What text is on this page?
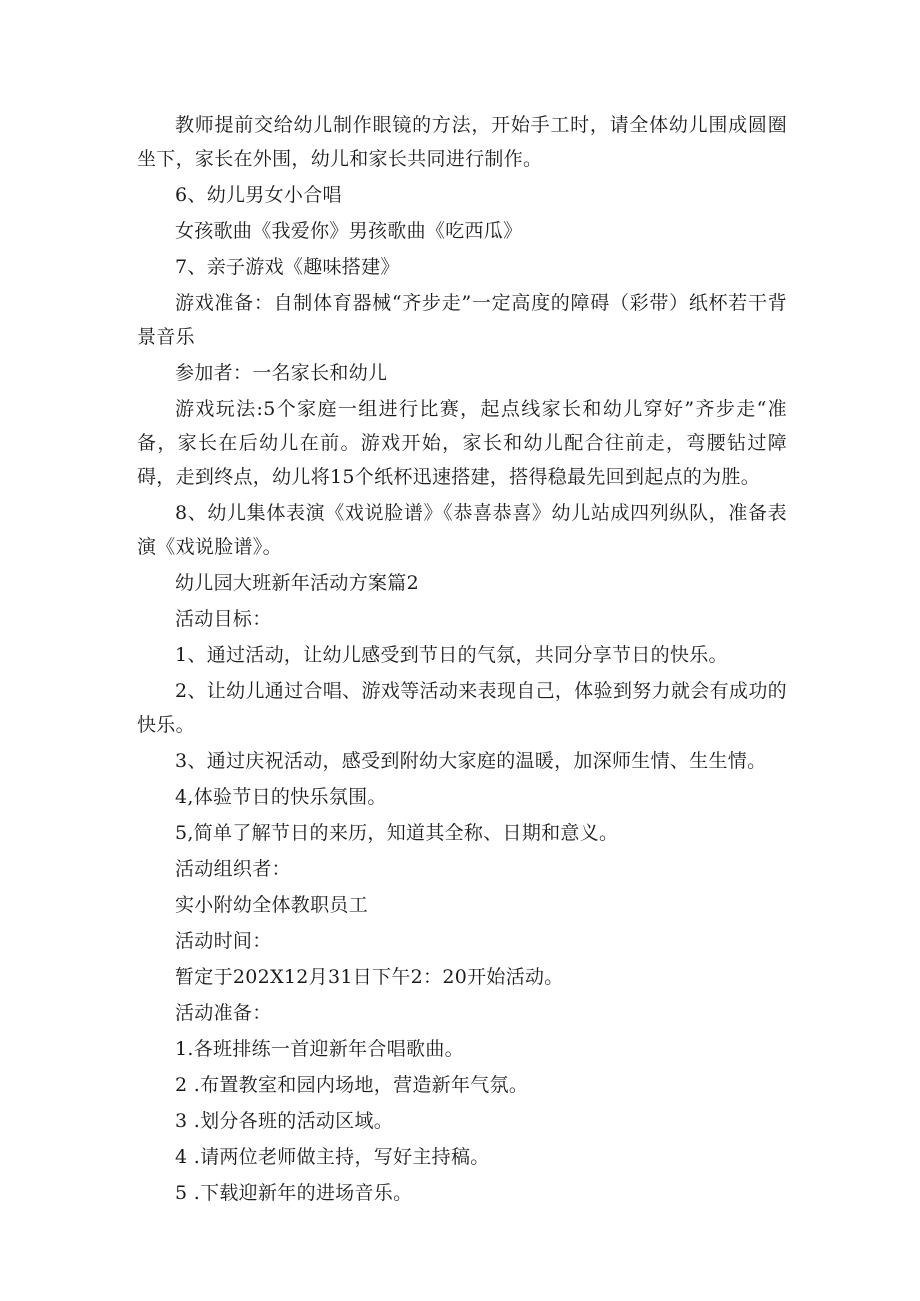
教师提前交给幼儿制作眼镜的方法，开始手工时，请全体幼儿围成圆圈坐下，家长在外围，幼儿和家长共同进行制作。

6、幼儿男女小合唱

女孩歌曲《我爱你》男孩歌曲《吃西瓜》

7、亲子游戏《趣味搭建》

游戏准备：自制体育器械“齐步走”一定高度的障碍（彩带）纸杯若干背景音乐

参加者：一名家长和幼儿

游戏玩法:5个家庭一组进行比赛，起点线家长和幼儿穿好”齐步走“准备，家长在后幼儿在前。游戏开始，家长和幼儿配合往前走，弯腰钻过障碍，走到终点，幼儿将15个纸杯迅速搭建，搭得稳最先回到起点的为胜。

8、幼儿集体表演《戏说脸谱》《恭喜恭喜》幼儿站成四列纵队，准备表演《戏说脸谱》。

幼儿园大班新年活动方案篇2

活动目标：

1、通过活动，让幼儿感受到节日的气氛，共同分享节日的快乐。

2、让幼儿通过合唱、游戏等活动来表现自己，体验到努力就会有成功的快乐。

3、通过庆祝活动，感受到附幼大家庭的温暖，加深师生情、生生情。

4,体验节日的快乐氛围。

5,简单了解节日的来历，知道其全称、日期和意义。

活动组织者：

实小附幼全体教职员工

活动时间：

暂定于202X12月31日下午2：20开始活动。

活动准备：

1.各班排练一首迎新年合唱歌曲。

2 .布置教室和园内场地，营造新年气氛。

3 .划分各班的活动区域。

4 .请两位老师做主持，写好主持稿。

5 .下载迎新年的进场音乐。
